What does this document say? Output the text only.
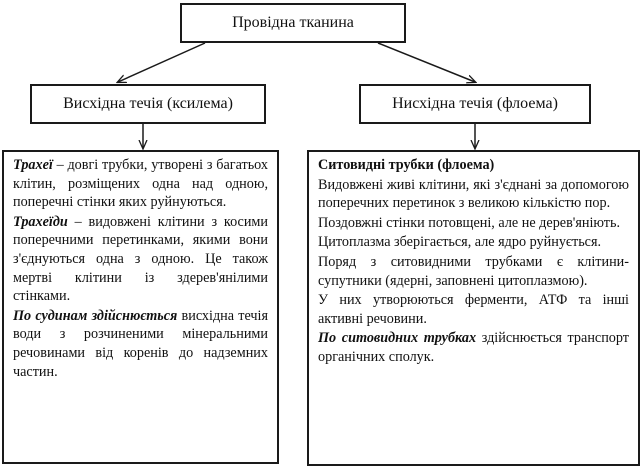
Провідна тканина
Висхідна течія (ксилема)	Нисхідна течія (флоема)

Трахеї – довгі трубки, утворені з багатьох клітин, розміщених одна над одною, поперечні стінки яких руйнуються.

Трахеїди – видовжені клітини з косими поперечними перетинками, якими вони з'єднуються одна з одною. Це також мертві клітини із здерев'янілими стінками.

По судинам здійснюється висхідна течія води з розчиненими мінеральними речовинами від коренів до надземних частин.

Ситовидні трубки (флоема)

Видовжені живі клітини, які з'єднані за допомогою поперечних перетинок з великою кількістю пор.

Поздовжні стінки потовщені, але не дерев'яніють.

Цитоплазма зберігається, але ядро руйнується.

Поряд з ситовидними трубками є клітини-супутники (ядерні, заповнені цитоплазмою).

У них утворюються ферменти, АТФ та інші активні речовини.

По ситовидних трубках здійснюється транспорт органічних сполук.
